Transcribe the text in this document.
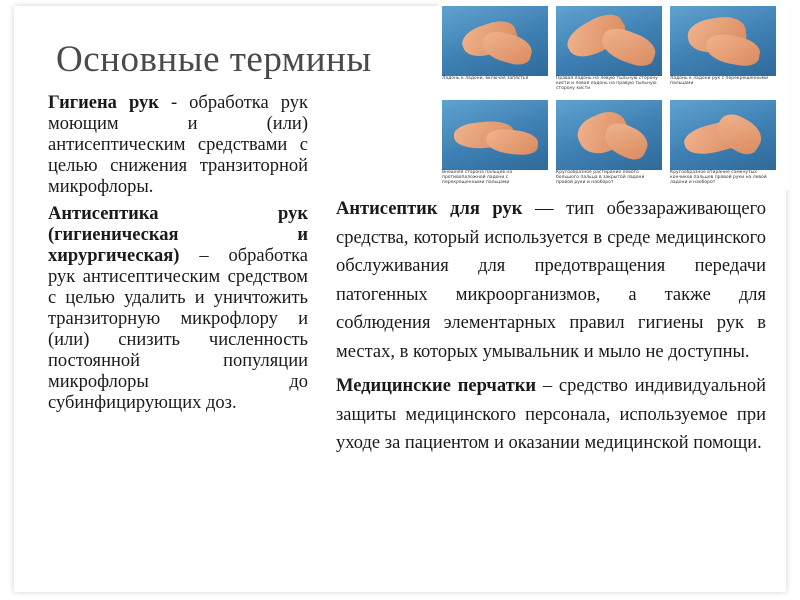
Основные термины

Гигиена рук - обработка рук моющим и (или) антисептическим средствами с целью снижения транзиторной микрофлоры.

Антисептика рук (гигиеническая и хирургическая) – обработка рук антисептическим средством с целью удалить и уничтожить транзиторную микрофлору и (или) снизить численность постоянной популяции микрофлоры до субинфицирующих доз.

Ладонь к ладони, включая запястья	Правая ладонь на левую тыльную сторону кисти и левая ладонь на правую тыльную сторону кисти
Ладонь к ладони рук с перекрещенными пальцами
Внешняя сторона пальцев на противоположной ладони с перекрещенными пальцами
Кругообразное растирание левого большого пальца в закрытой ладони правой руки и наоборот
Кругообразное втирание сомкнутых кончиков пальцев правой руки на левой ладони и наоборот

Антисептик для рук — тип обеззараживающего средства, который используется в среде медицинского обслуживания для предотвращения передачи патогенных микроорганизмов, а также для соблюдения элементарных правил гигиены рук в местах, в которых умывальник и мыло не доступны.

Медицинские перчатки – средство индивидуальной защиты медицинского персонала, используемое при уходе за пациентом и оказании медицинской помощи.
